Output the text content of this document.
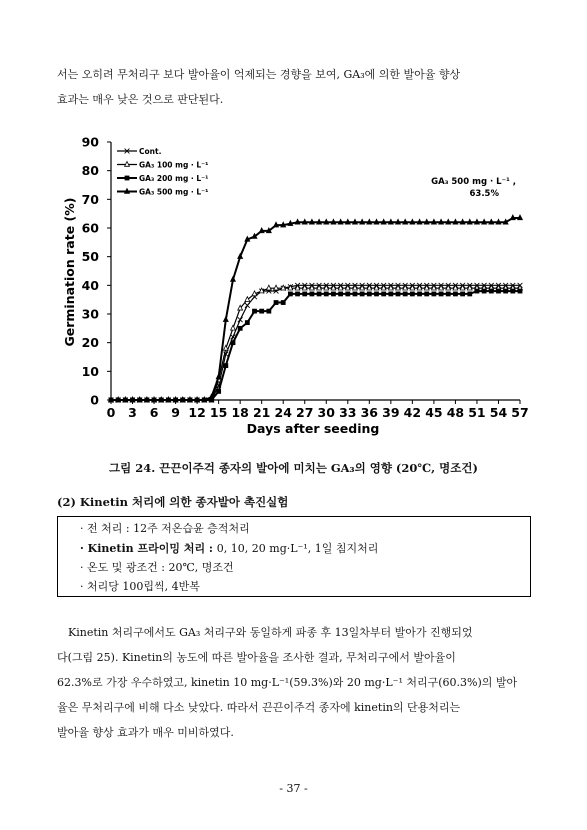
서는 오히려 무처리구 보다 발아율이 억제되는 경향을 보여, GA₃에 의한 발아율 향상
효과는 매우 낮은 것으로 판단된다.
0
10
20
30
40
50
60
70
80
90
0 3 6 9 12 15 18 21 24 27 30 33 36 39 42 45 48 51 54 57
Cont.
GA₃ 100 mg · L⁻¹
GA₃ 200 mg · L⁻¹
GA₃ 500 mg · L⁻¹
Germination rate (%)
Days after seeding
GA₃ 500 mg · L⁻¹ ,
63.5%
그림 24. 끈끈이주걱 종자의 발아에 미치는 GA₃의 영향 (20℃, 명조건)
(2) Kinetin 처리에 의한 종자발아 촉진실험
· 전 처리 : 12주 저온습윤 층적처리
· Kinetin 프라이밍 처리 : 0, 10, 20 mg·L⁻¹, 1일 침지처리
· 온도 및 광조건 : 20℃, 명조건
· 처리당 100립씩, 4반복
Kinetin 처리구에서도 GA₃ 처리구와 동일하게 파종 후 13일차부터 발아가 진행되었
다(그림 25). Kinetin의 농도에 따른 발아율을 조사한 결과, 무처리구에서 발아율이
62.3%로 가장 우수하였고, kinetin 10 mg·L⁻¹(59.3%)와 20 mg·L⁻¹ 처리구(60.3%)의 발아
율은 무처리구에 비해 다소 낮았다. 따라서 끈끈이주걱 종자에 kinetin의 단용처리는
발아율 향상 효과가 매우 미비하였다.
- 37 -
